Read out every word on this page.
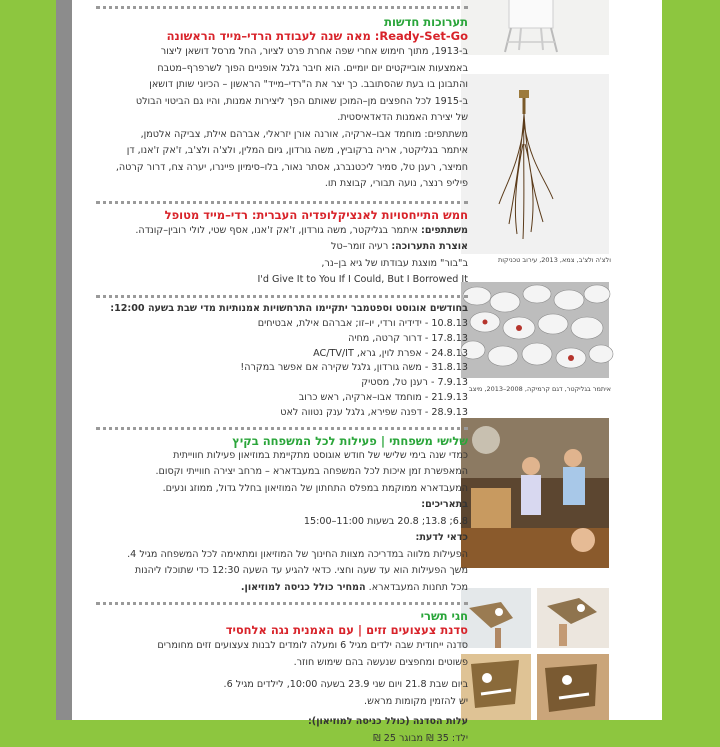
ולצ'ה ולצ'ב, צמא, 2013, עירוב טכניקות
איתמר בגליקטר, דגם קרמיקה, 2008–2013, מיצב

תערוכות חדשות

Ready-Set-Go: מאה שנה לעבודת הרדי–מייד הראשונה

ב-1913, מתוך חימוש אחרי שפה אחרת פרט לציור, החל מרסל דושאן ליצור

באמצעות אובייקטים יום יומיים. הוא חיבר גלגל אופניים הפוך לשרפרף–מטבח

והתבונן בו בעת שהסתובב. כך יצר את ה"רדי–מייד" הראשון – הכיוני שותן דושאן

ב-1915 לכל החפצים מן–המוכן שאותם הפך ליצירות אמנות, והיו גם הביטוי הבולט

של יצירת האמנות הדאדאיסטית.

משתתפים: מוחמד אבו–ארקיה, אורנה אורן יזראלי, אברהם אילת, צביקה אלטמן,

איתמר בגליקטר, אריה ברקוביץ, משה גורדון, גיום המלין, ולצ'ה ולצ'ב, ז'אק ז'אנו, דן

חמיצר, רענן טל, סמיר ליכטנברג, אסתר נאור, בלו–סימיון פיינרו, יערה צח, דרור קרטה,

פיליפ רנצר, נועה תבורי, קבוצת תו.

חמש התייחסויות לאנציקלופדיה העברית: רדי–מייד מטופל

משתתפים: איתמר בגליקטר, משה גורדון, ז'אק ז'אנו, אסף שטי, לולי רובין–קונדה.

אוצרת התערוכה: רעיה זומר–טל

ב"בור" מוצגת עבודתו של גיא בן–נר,

I'd Give It to You If I Could, But I Borrowed It

בחודשים אוגוסט וספטמבר יתקיימו התרחשויות אמנותיות מדי שבת בשעה 12:00:

10.8.13 - ידידיה ורדי, יו–זו; אברהם אילת, אבטיחים
17.8.13 - דרור קרטה, מחיה
24.8.13 - אפרת לוין, גרא, AC/TV/IT
31.8.13 - משה גורדון, גלגל שקירה אם אפשר במקרה!
7.9.13 - רענן טל, מסטיק
21.9.13 - מוחמד אבו–ארקיה, ראש כרוב
28.9.13 - דפנה שפירא, גלגל ענק נטווה לאט

שלישי משפחתי | פעילות לכל המשפחה בקיץ

כמדי שנה בימי שלישי של חודש אוגוסט מתקיימת במוזיאון פעילות חווייתית

המאפשרת זמן איכות לכל המשפחה במעבדארא – מרחב יצירה חווייתי וקסום.

המעבדארא ממוקמת במפלס התחתון של המוזיאון בחלל גדול, ממוזג ונעים.

בתאריכים:

6.8; 13.8; 20.8 בשעות 11:00–15:00

כדאי לדעת:

הפעילות מלווה במדריכה מצוות החינוך של המוזיאון ומתאימה לכל המשפחה מגיל 4.

משך הפעילות הוא עד שעה וחצי. כדאי להגיע עד השעה 12:30 כדי שתוכלו ליהנות

מכל תחנות המעבדארא. המחיר כולל כניסה למוזיאון.

חגי תשרי

סדנת צעצועים זזים | עם האמנית נגה אלחסיד

סדנה ייחודית שבה ילדים מגיל 6 ומעלה לומדים לבנות צעצועים זזים מחומרים

פשוטים ומחפצים שנעשה בהם שימוש חוזר.

ביום שבת 21.8 ויום שני 23.9 בשעה 10:00, לילדים מגיל 6.

יש להזמין מקומות מראש.

עלות הסדנה (כולל כניסה למוזיאון):

ילד: 35 ₪ מבוגר 25 ₪
